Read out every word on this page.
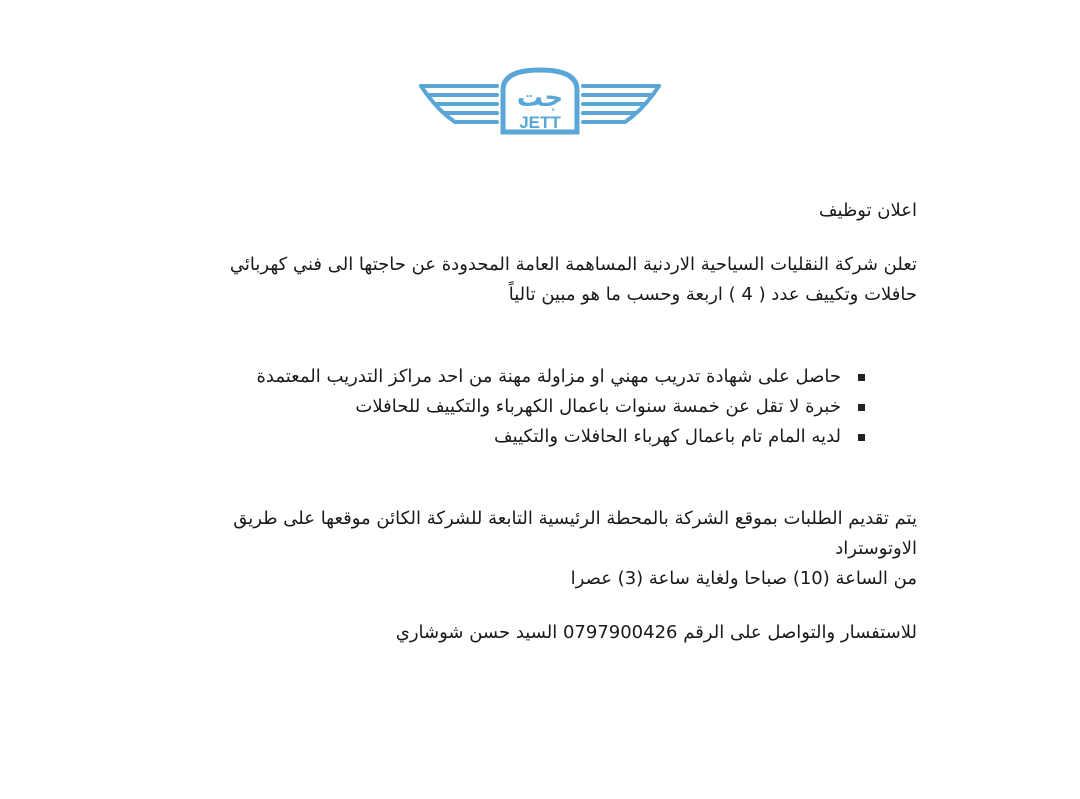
جت
JETT

اعلان توظيف

تعلن شركة النقليات السياحية الاردنية المساهمة العامة المحدودة عن حاجتها الى فني كهربائي
حافلات وتكييف عدد ( 4 ) اربعة وحسب ما هو مبين تالياً

حاصل على شهادة تدريب مهني او مزاولة مهنة من احد مراكز التدريب المعتمدة
خبرة لا تقل عن خمسة سنوات باعمال الكهرباء والتكييف للحافلات
لديه المام تام باعمال كهرباء الحافلات والتكييف

يتم تقديم الطلبات بموقع الشركة بالمحطة الرئيسية التابعة للشركة الكائن موقعها على طريق الاوتوستراد
من الساعة (10) صباحا ولغاية ساعة (3) عصرا

للاستفسار والتواصل على الرقم 0797900426 السيد حسن شوشاري
